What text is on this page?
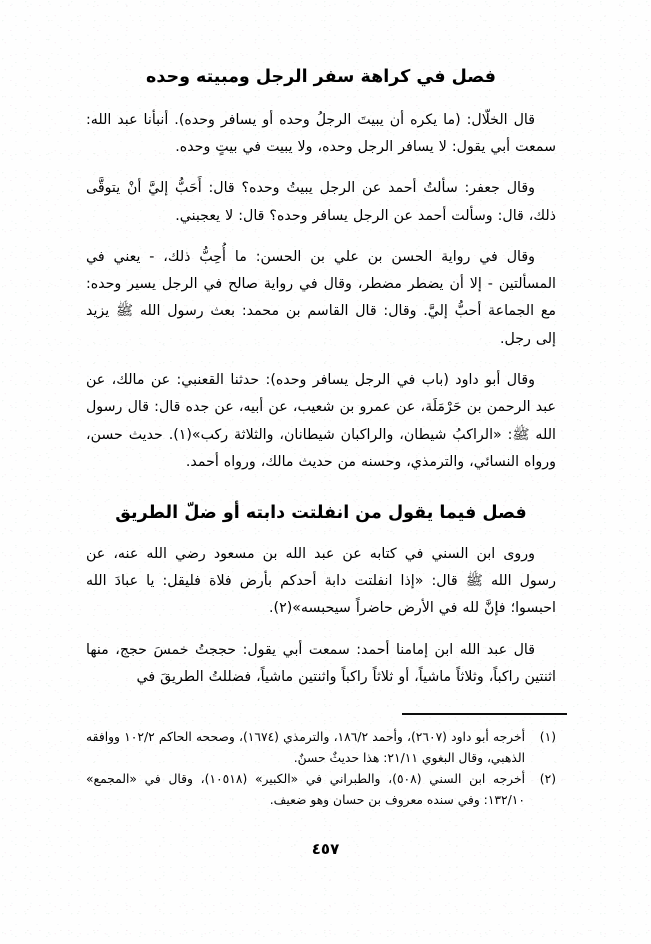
فصل في كراهة سفر الرجل ومبيته وحده

قال الخلّال: (ما يكره أن يبيتَ الرجلُ وحده أو يسافر وحده). أنبأنا عبد الله: سمعت أبي يقول: لا يسافر الرجل وحده، ولا يبيت في بيتٍ وحده.

وقال جعفر: سألتُ أحمد عن الرجل يبيتُ وحده؟ قال: أَحَبُّ إليَّ أنْ يتوقَّى ذلك، قال: وسألت أحمد عن الرجل يسافر وحده؟ قال: لا يعجبني.

وقال في رواية الحسن بن علي بن الحسن: ما أُحِبُّ ذلك، - يعني في المسألتين - إلا أن يضطر مضطر، وقال في رواية صالح في الرجل يسير وحده: مع الجماعة أحبُّ إليَّ. وقال: قال القاسم بن محمد: بعث رسول الله ﷺ يزيد إلى رجل.

وقال أبو داود (باب في الرجل يسافر وحده): حدثنا القعنبي: عن مالك، عن عبد الرحمن بن حَرْمَلَة، عن عمرو بن شعيب، عن أبيه، عن جده قال: قال رسول الله ﷺ: «الراكبُ شيطان، والراكبان شيطانان، والثلاثة ركب»(١). حديث حسن، ورواه النسائي، والترمذي، وحسنه من حديث مالك، ورواه أحمد.

فصل فيما يقول من انفلتت دابته أو ضلّ الطريق

وروى ابن السني في كتابه عن عبد الله بن مسعود رضي الله عنه، عن رسول الله ﷺ قال: «إذا انفلتت دابة أحدكم بأرض فلاة فليقل: يا عبادَ الله احبسوا؛ فإنَّ لله في الأرض حاضراً سيحبسه»(٢).

قال عبد الله ابن إمامنا أحمد: سمعت أبي يقول: حججتُ خمسَ حجج، منها اثنتين راكباً، وثلاثاً ماشياً، أو ثلاثاً راكباً واثنتين ماشياً، فضللتُ الطريقَ في

(١)
أخرجه أبو داود (٢٦٠٧)، وأحمد ١٨٦/٢، والترمذي (١٦٧٤)، وصححه الحاكم ١٠٢/٢ ووافقه الذهبي، وقال البغوي ٢١/١١: هذا حديثٌ حسنٌ.
(٢)
أخرجه ابن السني (٥٠٨)، والطبراني في «الكبير» (١٠٥١٨)، وقال في «المجمع» ١٣٢/١٠: وفي سنده معروف بن حسان وهو ضعيف.
٤٥٧
